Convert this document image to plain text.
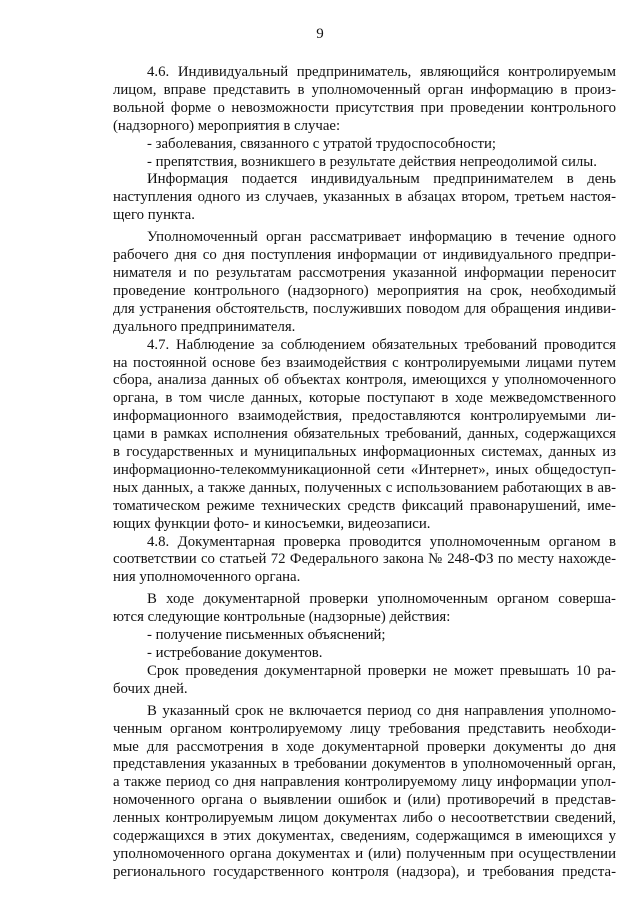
9
4.6. Индивидуальный предприниматель, являющийся контролируемым
лицом, вправе представить в уполномоченный орган информацию в произ-
вольной форме о невозможности присутствия при проведении контрольного
(надзорного) мероприятия в случае:
- заболевания, связанного с утратой трудоспособности;
- препятствия, возникшего в результате действия непреодолимой силы.
Информация подается индивидуальным предпринимателем в день
наступления одного из случаев, указанных в абзацах втором, третьем настоя-
щего пункта.
Уполномоченный орган рассматривает информацию в течение одного
рабочего дня со дня поступления информации от индивидуального предпри-
нимателя и по результатам рассмотрения указанной информации переносит
проведение контрольного (надзорного) мероприятия на срок, необходимый
для устранения обстоятельств, послуживших поводом для обращения индиви-
дуального предпринимателя.
4.7. Наблюдение за соблюдением обязательных требований проводится
на постоянной основе без взаимодействия с контролируемыми лицами путем
сбора, анализа данных об объектах контроля, имеющихся у уполномоченного
органа, в том числе данных, которые поступают в ходе межведомственного
информационного взаимодействия, предоставляются контролируемыми ли-
цами в рамках исполнения обязательных требований, данных, содержащихся
в государственных и муниципальных информационных системах, данных из
информационно-телекоммуникационной сети «Интернет», иных общедоступ-
ных данных, а также данных, полученных с использованием работающих в ав-
томатическом режиме технических средств фиксаций правонарушений, име-
ющих функции фото- и киносъемки, видеозаписи.
4.8. Документарная проверка проводится уполномоченным органом в
соответствии со статьей 72 Федерального закона № 248-ФЗ по месту нахожде-
ния уполномоченного органа.
В ходе документарной проверки уполномоченным органом соверша-
ются следующие контрольные (надзорные) действия:
- получение письменных объяснений;
- истребование документов.
Срок проведения документарной проверки не может превышать 10 ра-
бочих дней.
В указанный срок не включается период со дня направления уполномо-
ченным органом контролируемому лицу требования представить необходи-
мые для рассмотрения в ходе документарной проверки документы до дня
представления указанных в требовании документов в уполномоченный орган,
а также период со дня направления контролируемому лицу информации упол-
номоченного органа о выявлении ошибок и (или) противоречий в представ-
ленных контролируемым лицом документах либо о несоответствии сведений,
содержащихся в этих документах, сведениям, содержащимся в имеющихся у
уполномоченного органа документах и (или) полученным при осуществлении
регионального государственного контроля (надзора), и требования предста-
